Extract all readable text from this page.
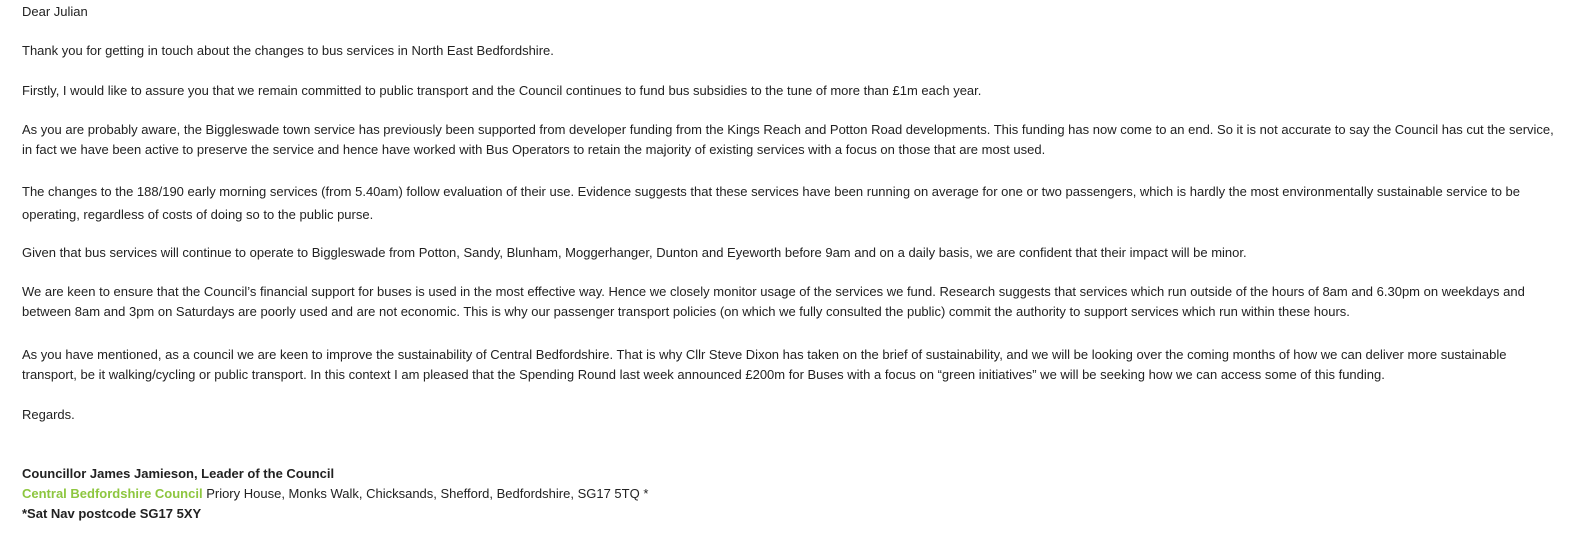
Dear Julian
Thank you for getting in touch about the changes to bus services in North East Bedfordshire.
Firstly, I would like to assure you that we remain committed to public transport and the Council continues to fund bus subsidies to the tune of more than £1m each year.
As you are probably aware, the Biggleswade town service has previously been supported from developer funding from the Kings Reach and Potton Road developments. This funding has now come to an end. So it is not accurate to say the Council has cut the service, in fact we have been active to preserve the service and hence have worked with Bus Operators to retain the majority of existing services with a focus on those that are most used.
The changes to the 188/190 early morning services (from 5.40am) follow evaluation of their use. Evidence suggests that these services have been running on average for one or two passengers, which is hardly the most environmentally sustainable service to be operating, regardless of costs of doing so to the public purse.
Given that bus services will continue to operate to Biggleswade from Potton, Sandy, Blunham, Moggerhanger, Dunton and Eyeworth before 9am and on a daily basis, we are confident that their impact will be minor.
We are keen to ensure that the Council’s financial support for buses is used in the most effective way. Hence we closely monitor usage of the services we fund. Research suggests that services which run outside of the hours of 8am and 6.30pm on weekdays and between 8am and 3pm on Saturdays are poorly used and are not economic. This is why our passenger transport policies (on which we fully consulted the public) commit the authority to support services which run within these hours.
As you have mentioned, as a council we are keen to improve the sustainability of Central Bedfordshire. That is why Cllr Steve Dixon has taken on the brief of sustainability, and we will be looking over the coming months of how we can deliver more sustainable transport, be it walking/cycling or public transport. In this context I am pleased that the Spending Round last week announced £200m for Buses with a focus on “green initiatives” we will be seeking how we can access some of this funding.
Regards.
Councillor James Jamieson, Leader of the Council
Central Bedfordshire Council Priory House, Monks Walk, Chicksands, Shefford, Bedfordshire, SG17 5TQ *
*Sat Nav postcode SG17 5XY
